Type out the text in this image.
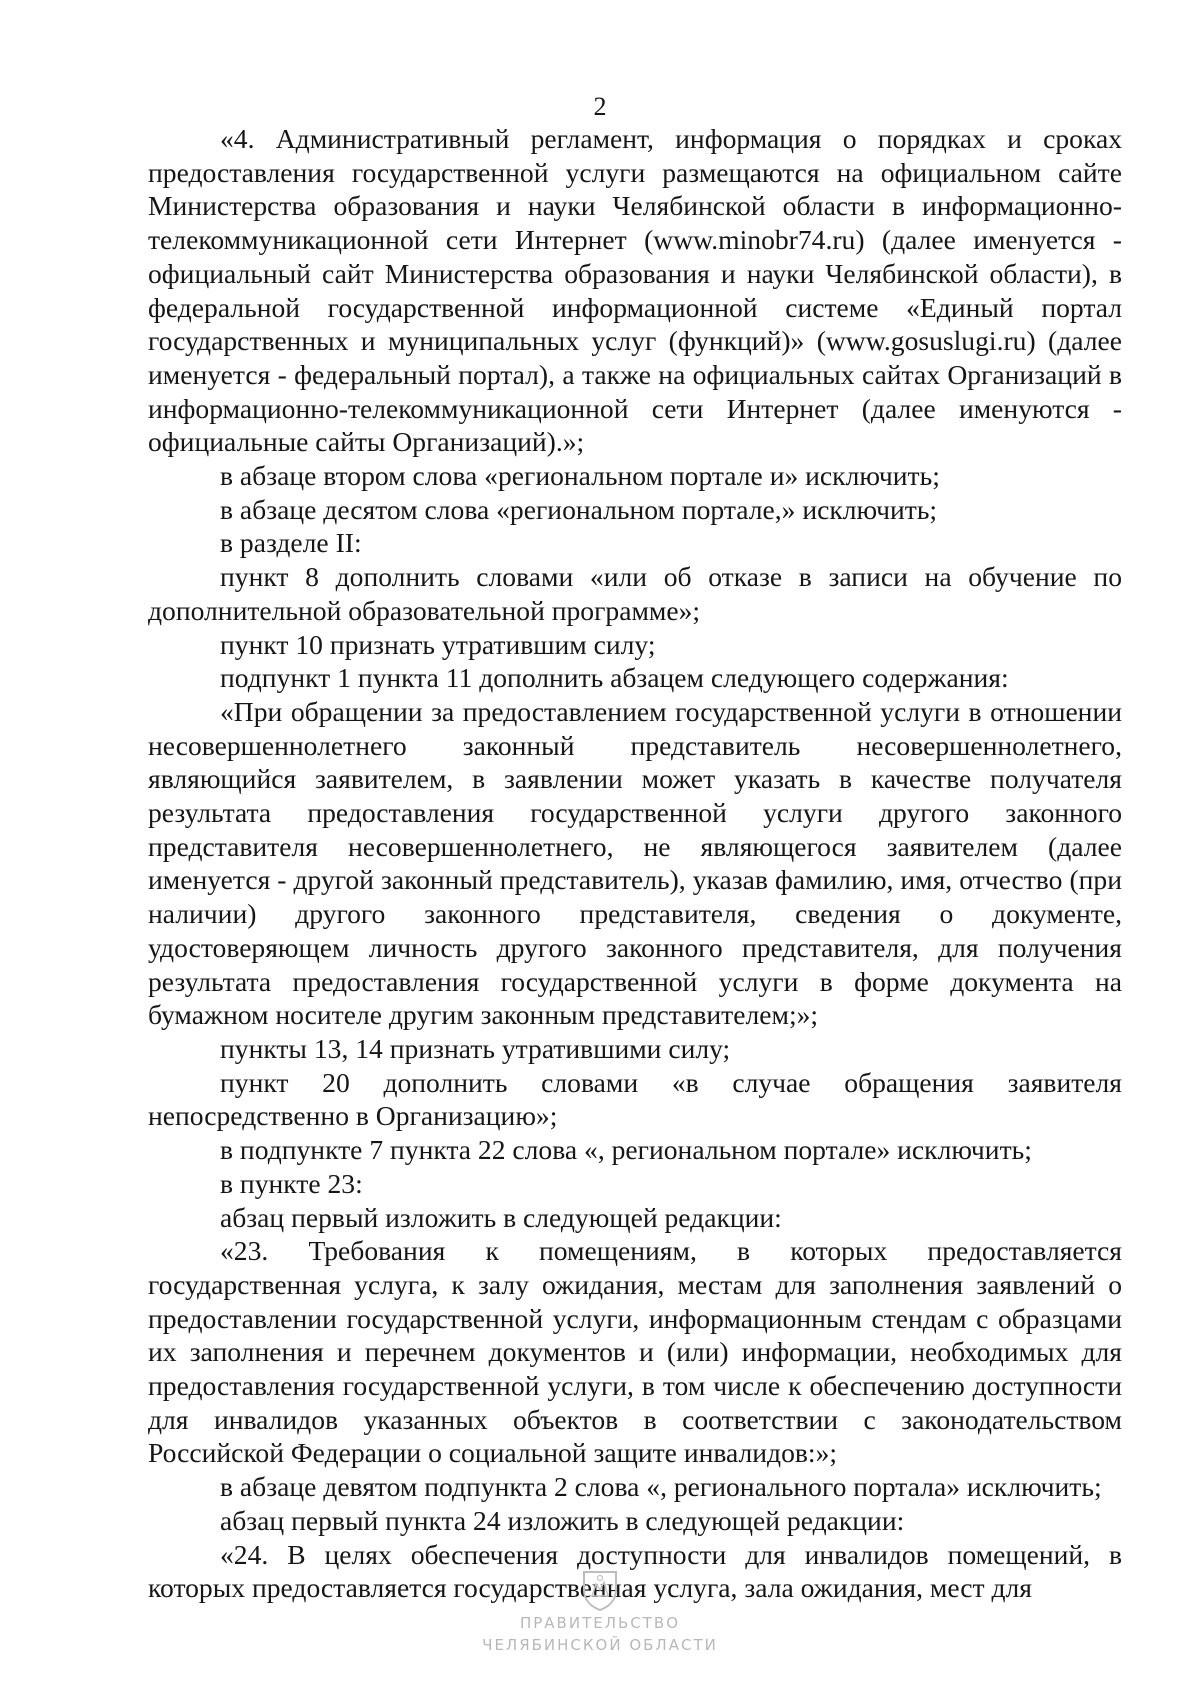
2

«4. Административный регламент, информация о порядках и сроках предоставления государственной услуги размещаются на официальном сайте Министерства образования и науки Челябинской области в информационно-телекоммуникационной сети Интернет (www.minobr74.ru) (далее именуется - официальный сайт Министерства образования и науки Челябинской области), в федеральной государственной информационной системе «Единый портал государственных и муниципальных услуг (функций)» (www.gosuslugi.ru) (далее именуется - федеральный портал), а также на официальных сайтах Организаций в информационно-телекоммуникационной сети Интернет (далее именуются - официальные сайты Организаций).»;

в абзаце втором слова «региональном портале и» исключить;

в абзаце десятом слова «региональном портале,» исключить;

в разделе II:

пункт 8 дополнить словами «или об отказе в записи на обучение по дополнительной образовательной программе»;

пункт 10 признать утратившим силу;

подпункт 1 пункта 11 дополнить абзацем следующего содержания:

«При обращении за предоставлением государственной услуги в отношении несовершеннолетнего законный представитель несовершеннолетнего, являющийся заявителем, в заявлении может указать в качестве получателя результата предоставления государственной услуги другого законного представителя несовершеннолетнего, не являющегося заявителем (далее именуется - другой законный представитель), указав фамилию, имя, отчество (при наличии) другого законного представителя, сведения о документе, удостоверяющем личность другого законного представителя, для получения результата предоставления государственной услуги в форме документа на бумажном носителе другим законным представителем;»;

пункты 13, 14 признать утратившими силу;

пункт 20 дополнить словами «в случае обращения заявителя непосредственно в Организацию»;

в подпункте 7 пункта 22 слова «, региональном портале» исключить;

в пункте 23:

абзац первый изложить в следующей редакции:

«23. Требования к помещениям, в которых предоставляется государственная услуга, к залу ожидания, местам для заполнения заявлений о предоставлении государственной услуги, информационным стендам с образцами их заполнения и перечнем документов и (или) информации, необходимых для предоставления государственной услуги, в том числе к обеспечению доступности для инвалидов указанных объектов в соответствии с законодательством Российской Федерации о социальной защите инвалидов:»;

в абзаце девятом подпункта 2 слова «, регионального портала» исключить;

абзац первый пункта 24 изложить в следующей редакции:

«24. В целях обеспечения доступности для инвалидов помещений, в которых предоставляется государственная услуга, зала ожидания, мест для

ПРАВИТЕЛЬСТВО
ЧЕЛЯБИНСКОЙ ОБЛАСТИ
